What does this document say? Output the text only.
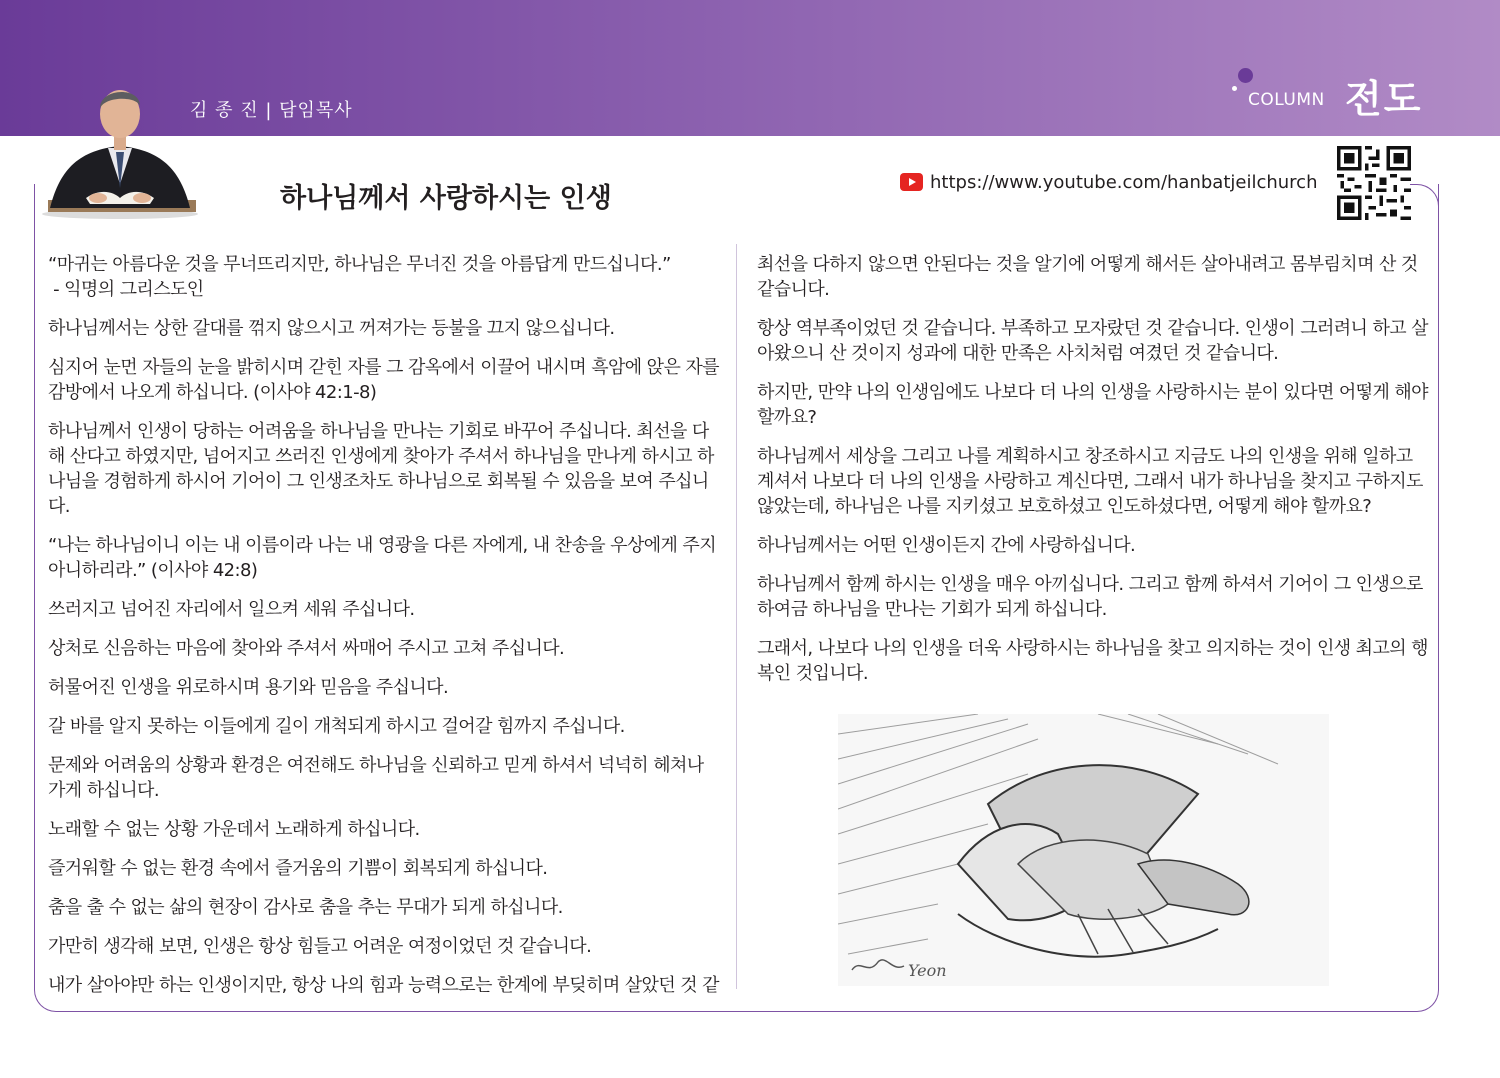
김 종 진 | 담임목사	COLUMN 전도
하나님께서 사랑하시는 인생
https://www.youtube.com/hanbatjeilchurch

“마귀는 아름다운 것을 무너뜨리지만, 하나님은 무너진 것을 아름답게 만드십니다.”
- 익명의 그리스도인

하나님께서는 상한 갈대를 꺾지 않으시고 꺼져가는 등불을 끄지 않으십니다.

심지어 눈먼 자들의 눈을 밝히시며 갇힌 자를 그 감옥에서 이끌어 내시며 흑암에 앉은 자를 감방에서 나오게 하십니다. (이사야 42:1-8)

하나님께서 인생이 당하는 어려움을 하나님을 만나는 기회로 바꾸어 주십니다. 최선을 다해 산다고 하였지만, 넘어지고 쓰러진 인생에게 찾아가 주셔서 하나님을 만나게 하시고 하나님을 경험하게 하시어 기어이 그 인생조차도 하나님으로 회복될 수 있음을 보여 주십니다.

“나는 하나님이니 이는 내 이름이라 나는 내 영광을 다른 자에게, 내 찬송을 우상에게 주지 아니하리라.” (이사야 42:8)

쓰러지고 넘어진 자리에서 일으켜 세워 주십니다.

상처로 신음하는 마음에 찾아와 주셔서 싸매어 주시고 고쳐 주십니다.

허물어진 인생을 위로하시며 용기와 믿음을 주십니다.

갈 바를 알지 못하는 이들에게 길이 개척되게 하시고 걸어갈 힘까지 주십니다.

문제와 어려움의 상황과 환경은 여전해도 하나님을 신뢰하고 믿게 하셔서 넉넉히 헤쳐나가게 하십니다.

노래할 수 없는 상황 가운데서 노래하게 하십니다.

즐거워할 수 없는 환경 속에서 즐거움의 기쁨이 회복되게 하십니다.

춤을 출 수 없는 삶의 현장이 감사로 춤을 추는 무대가 되게 하십니다.

가만히 생각해 보면, 인생은 항상 힘들고 어려운 여정이었던 것 같습니다.

내가 살아야만 하는 인생이지만, 항상 나의 힘과 능력으로는 한계에 부딪히며 살았던 것 같

최선을 다하지 않으면 안된다는 것을 알기에 어떻게 해서든 살아내려고 몸부림치며 산 것 같습니다.

항상 역부족이었던 것 같습니다. 부족하고 모자랐던 것 같습니다. 인생이 그러려니 하고 살아왔으니 산 것이지 성과에 대한 만족은 사치처럼 여겼던 것 같습니다.

하지만, 만약 나의 인생임에도 나보다 더 나의 인생을 사랑하시는 분이 있다면 어떻게 해야 할까요?

하나님께서 세상을 그리고 나를 계획하시고 창조하시고 지금도 나의 인생을 위해 일하고 계셔서 나보다 더 나의 인생을 사랑하고 계신다면, 그래서 내가 하나님을 찾지고 구하지도 않았는데, 하나님은 나를 지키셨고 보호하셨고 인도하셨다면, 어떻게 해야 할까요?

하나님께서는 어떤 인생이든지 간에 사랑하십니다.

하나님께서 함께 하시는 인생을 매우 아끼십니다. 그리고 함께 하셔서 기어이 그 인생으로 하여금 하나님을 만나는 기회가 되게 하십니다.

그래서, 나보다 나의 인생을 더욱 사랑하시는 하나님을 찾고 의지하는 것이 인생 최고의 행복인 것입니다.

Yeon
